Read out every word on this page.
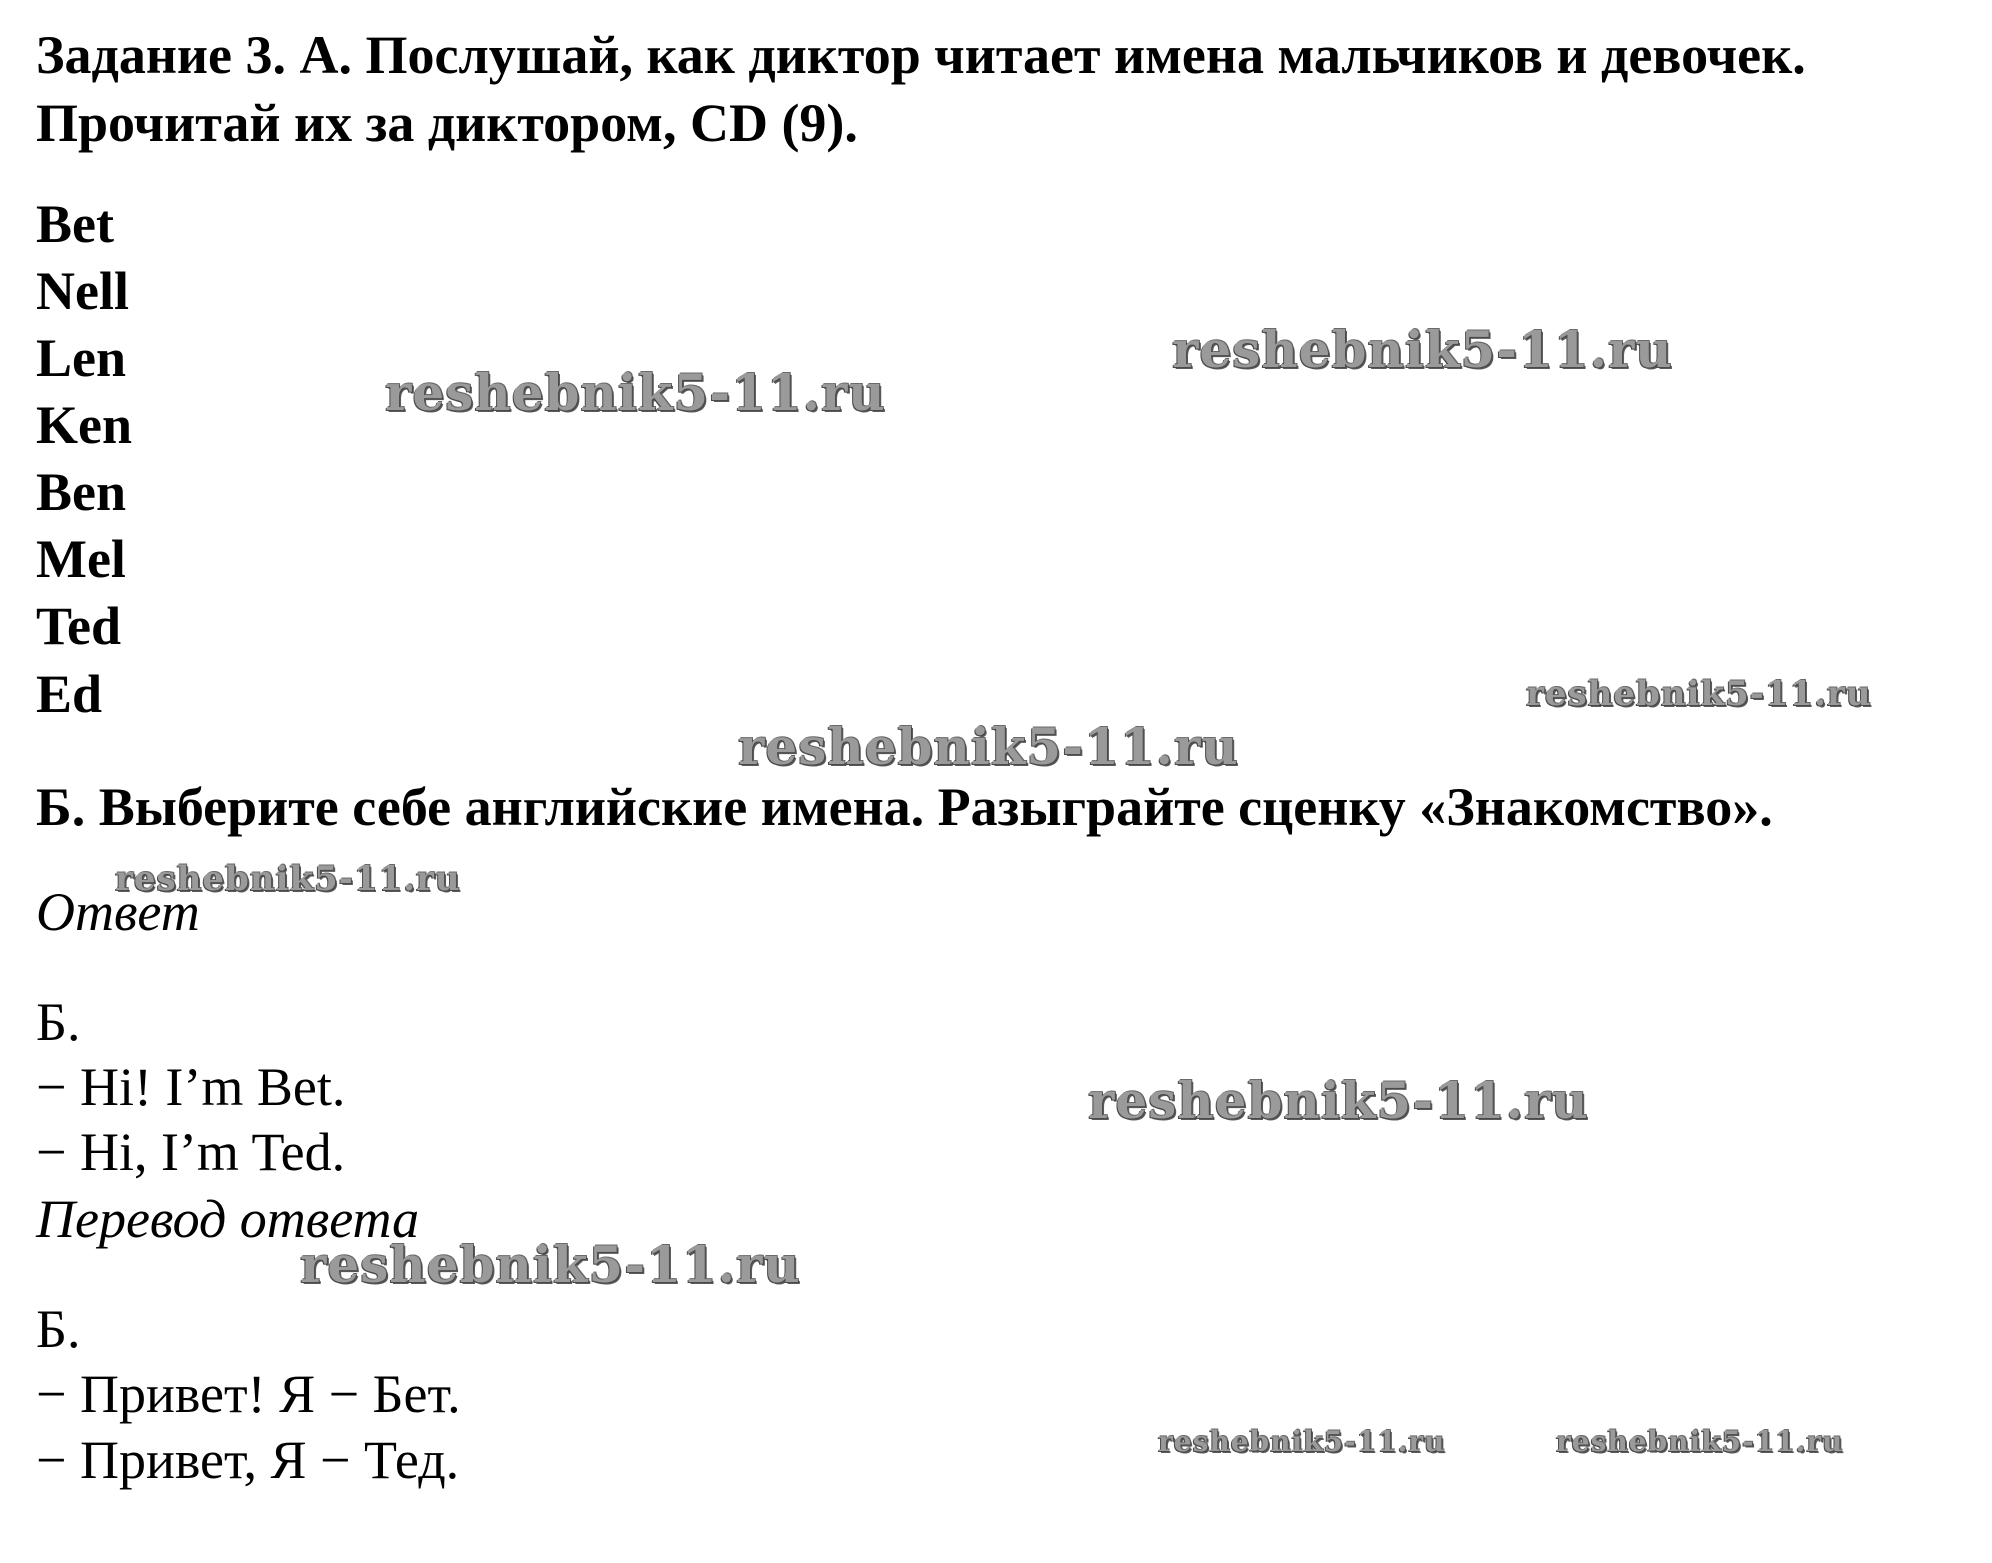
Задание 3. А. Послушай, как диктор читает имена мальчиков и девочек.
Прочитай их за диктором, CD (9).
Bet
Nell
Len
Ken
Ben
Mel
Ted
Ed
Б. Выберите себе английские имена. Разыграйте сценку «Знакомство».
Ответ
Б.
− Hi! I’m Bet.
− Hi, I’m Ted.
Перевод ответа
Б.
− Привет! Я − Бет.
− Привет, Я − Тед.
reshebnik5-11.ru
reshebnik5-11.ru
reshebnik5-11.ru
reshebnik5-11.ru
reshebnik5-11.ru
reshebnik5-11.ru
reshebnik5-11.ru
reshebnik5-11.ru	reshebnik5-11.ru
